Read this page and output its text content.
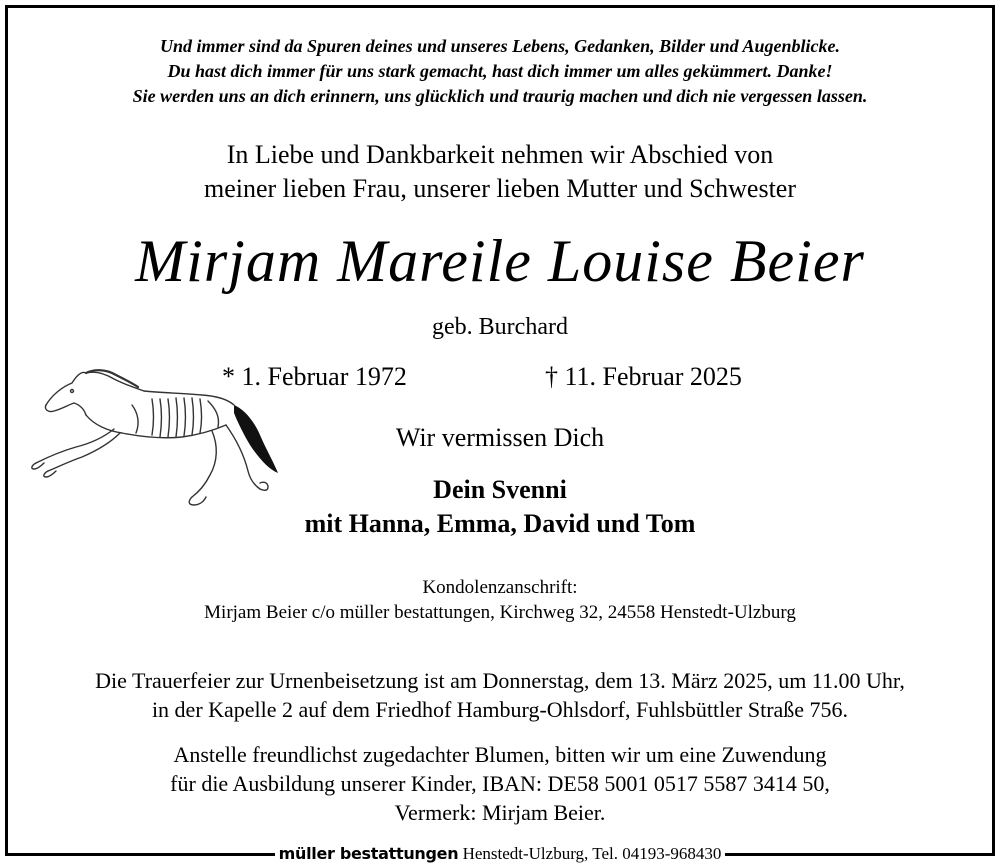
Und immer sind da Spuren deines und unseres Lebens, Gedanken, Bilder und Augenblicke.
Du hast dich immer für uns stark gemacht, hast dich immer um alles gekümmert. Danke!
Sie werden uns an dich erinnern, uns glücklich und traurig machen und dich nie vergessen lassen.
In Liebe und Dankbarkeit nehmen wir Abschied von
meiner lieben Frau, unserer lieben Mutter und Schwester
Mirjam Mareile Louise Beier
geb. Burchard
* 1. Februar 1972	† 11. Februar 2025
Wir vermissen Dich
Dein Svenni
mit Hanna, Emma, David und Tom
Kondolenzanschrift:
Mirjam Beier c/o müller bestattungen, Kirchweg 32, 24558 Henstedt-Ulzburg
Die Trauerfeier zur Urnenbeisetzung ist am Donnerstag, dem 13. März 2025, um 11.00 Uhr,
in der Kapelle 2 auf dem Friedhof Hamburg-Ohlsdorf, Fuhlsbüttler Straße 756.
Anstelle freundlichst zugedachter Blumen, bitten wir um eine Zuwendung
für die Ausbildung unserer Kinder, IBAN: DE58 5001 0517 5587 3414 50,
Vermerk: Mirjam Beier.
müller bestattungen Henstedt-Ulzburg, Tel. 04193-968430
